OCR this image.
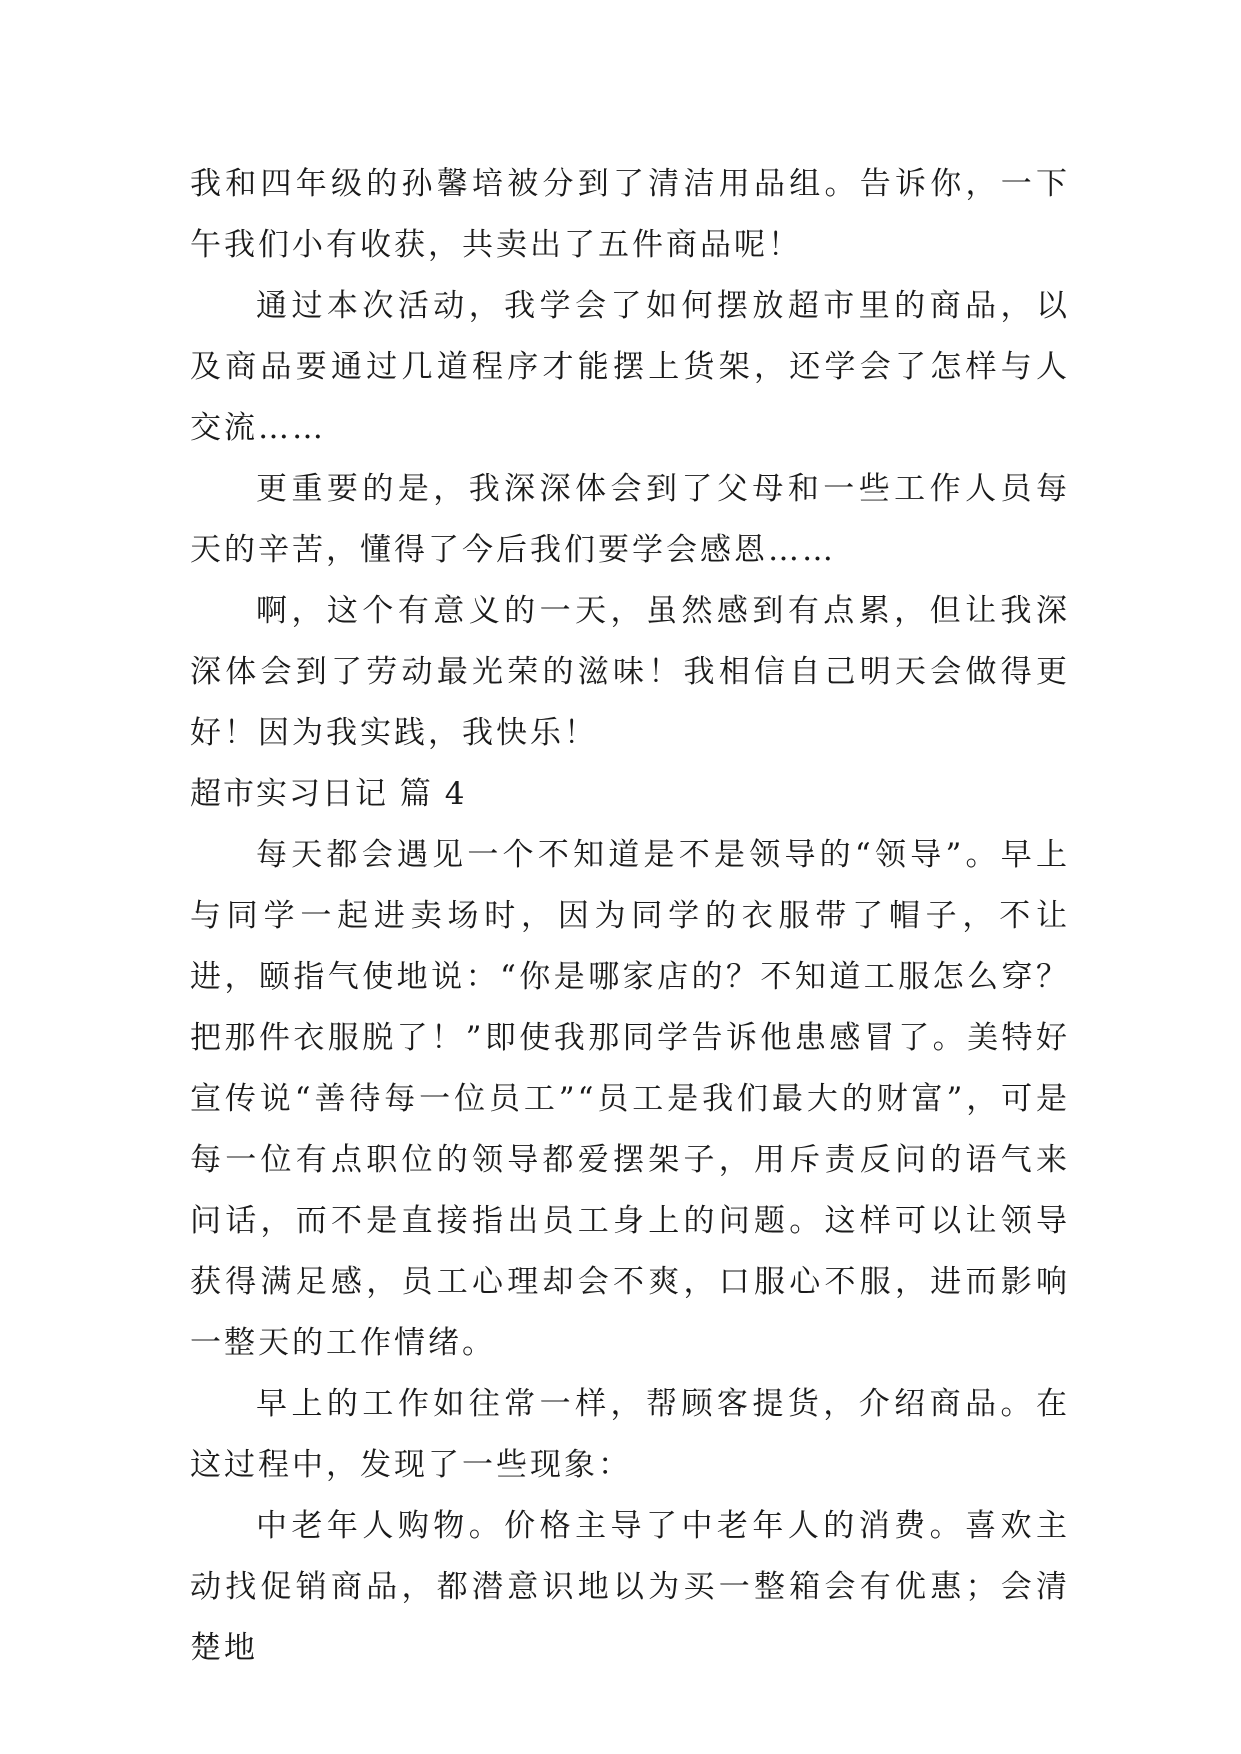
我和四年级的孙馨培被分到了清洁用品组。告诉你，一下午我们小有收获，共卖出了五件商品呢！

通过本次活动，我学会了如何摆放超市里的商品，以及商品要通过几道程序才能摆上货架，还学会了怎样与人交流……

更重要的是，我深深体会到了父母和一些工作人员每天的辛苦，懂得了今后我们要学会感恩……

啊，这个有意义的一天，虽然感到有点累，但让我深深体会到了劳动最光荣的滋味！我相信自己明天会做得更好！因为我实践，我快乐！

超市实习日记 篇 4

每天都会遇见一个不知道是不是领导的“领导”。早上与同学一起进卖场时，因为同学的衣服带了帽子，不让进，颐指气使地说：“你是哪家店的？不知道工服怎么穿？把那件衣服脱了！”即使我那同学告诉他患感冒了。美特好宣传说“善待每一位员工”“员工是我们最大的财富”，可是每一位有点职位的领导都爱摆架子，用斥责反问的语气来问话，而不是直接指出员工身上的问题。这样可以让领导获得满足感，员工心理却会不爽，口服心不服，进而影响一整天的工作情绪。

早上的工作如往常一样，帮顾客提货，介绍商品。在这过程中，发现了一些现象：

中老年人购物。价格主导了中老年人的消费。喜欢主动找促销商品，都潜意识地以为买一整箱会有优惠；会清楚地
